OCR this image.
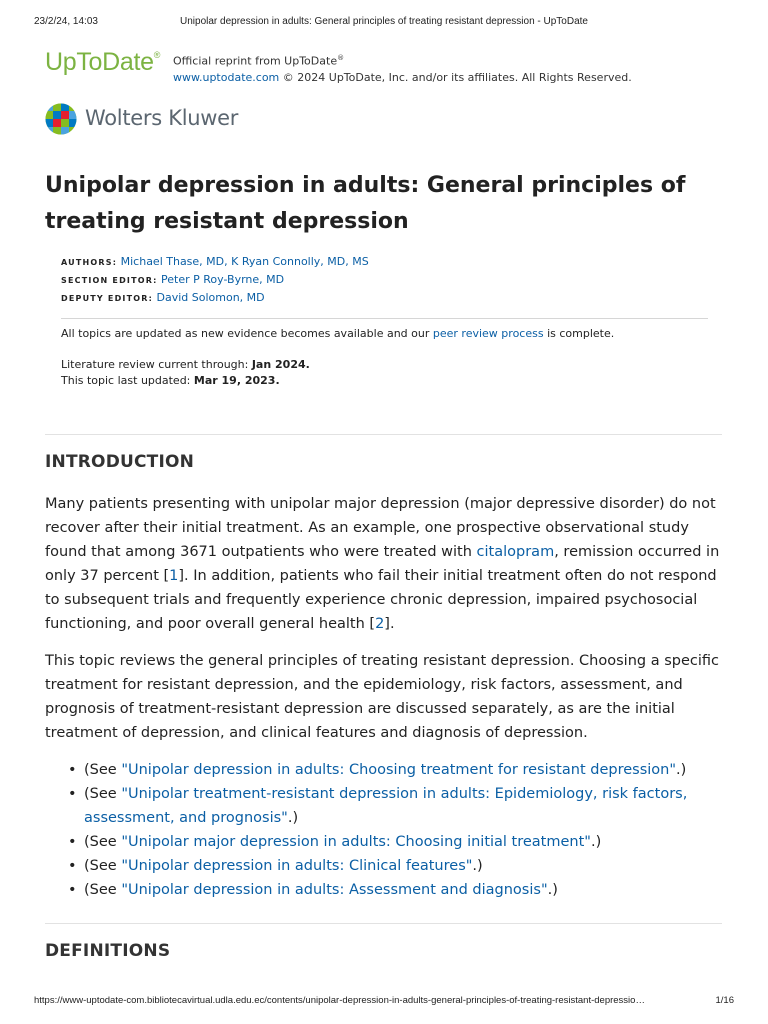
23/2/24, 14:03	Unipolar depression in adults: General principles of treating resistant depression - UpToDate
UpToDate® Official reprint from UpToDate®
www.uptodate.com © 2024 UpToDate, Inc. and/or its affiliates. All Rights Reserved.
Wolters Kluwer
Unipolar depression in adults: General principles of treating resistant depression
AUTHORS: Michael Thase, MD, K Ryan Connolly, MD, MS
SECTION EDITOR: Peter P Roy-Byrne, MD
DEPUTY EDITOR: David Solomon, MD
All topics are updated as new evidence becomes available and our peer review process is complete.
Literature review current through: Jan 2024.
This topic last updated: Mar 19, 2023.
INTRODUCTION

Many patients presenting with unipolar major depression (major depressive disorder) do not recover after their initial treatment. As an example, one prospective observational study found that among 3671 outpatients who were treated with citalopram, remission occurred in only 37 percent [1]. In addition, patients who fail their initial treatment often do not respond to subsequent trials and frequently experience chronic depression, impaired psychosocial functioning, and poor overall general health [2].

This topic reviews the general principles of treating resistant depression. Choosing a specific treatment for resistant depression, and the epidemiology, risk factors, assessment, and prognosis of treatment-resistant depression are discussed separately, as are the initial treatment of depression, and clinical features and diagnosis of depression.

• (See "Unipolar depression in adults: Choosing treatment for resistant depression".)
• (See "Unipolar treatment-resistant depression in adults: Epidemiology, risk factors, assessment, and prognosis".)
• (See "Unipolar major depression in adults: Choosing initial treatment".)
• (See "Unipolar depression in adults: Clinical features".)
• (See "Unipolar depression in adults: Assessment and diagnosis".)
DEFINITIONS
https://www-uptodate-com.bibliotecavirtual.udla.edu.ec/contents/unipolar-depression-in-adults-general-principles-of-treating-resistant-depressio…	1/16
